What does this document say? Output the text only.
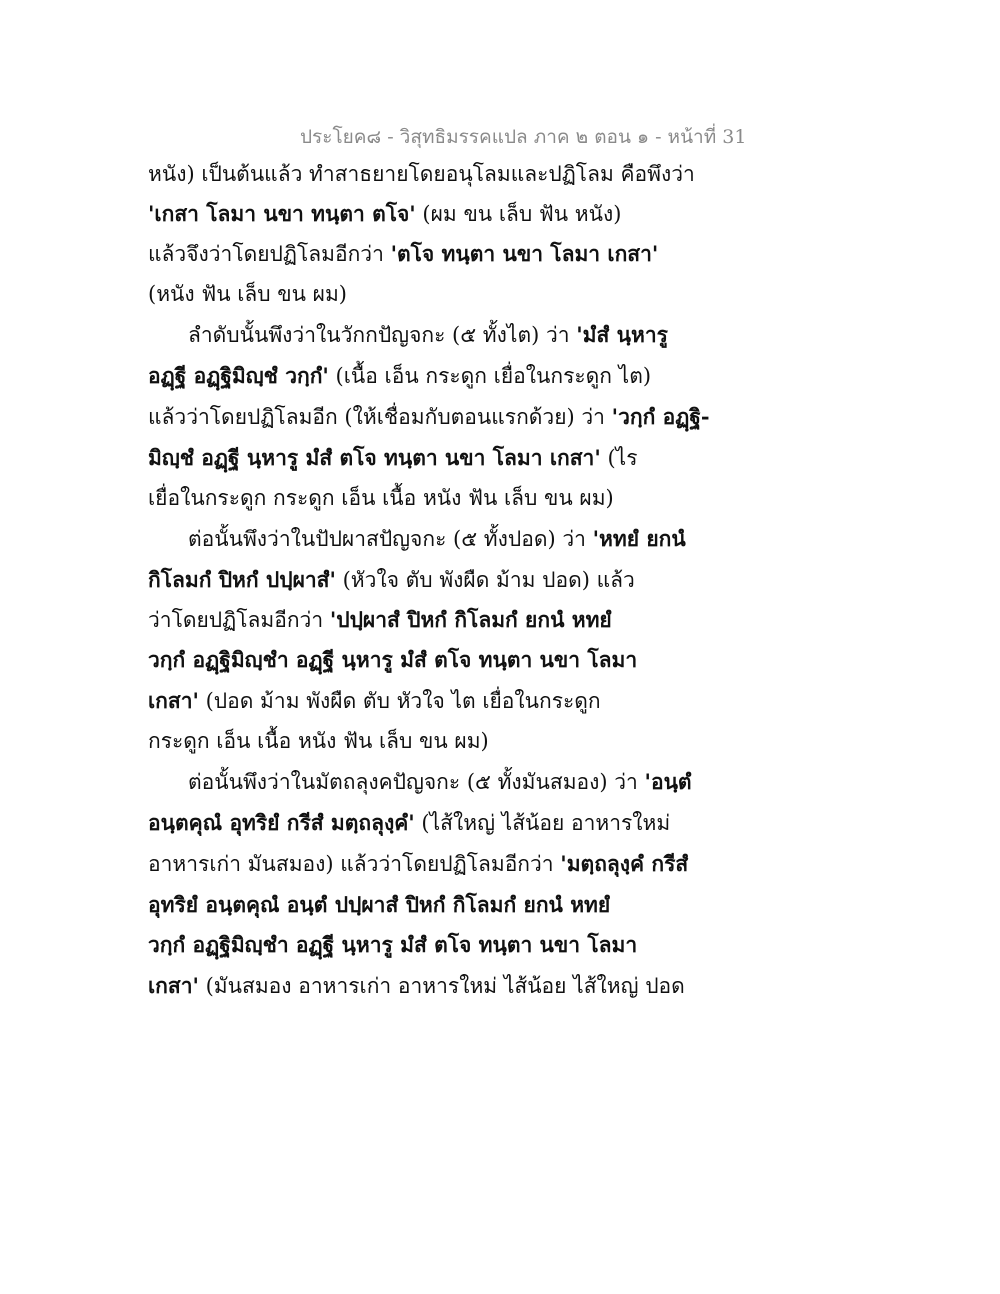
ประโยค๘ - วิสุทธิมรรคแปล ภาค ๒ ตอน ๑ - หน้าที่ 31
หนัง) เป็นต้นแล้ว ทำสาธยายโดยอนุโลมและปฏิโลม คือพึงว่า
'เกสา โลมา นขา ทนฺตา ตโจ' (ผม ขน เล็บ ฟัน หนัง)
แล้วจึงว่าโดยปฏิโลมอีกว่า 'ตโจ ทนฺตา นขา โลมา เกสา'
(หนัง ฟัน เล็บ ขน ผม)
ลำดับนั้นพึงว่าในวักกปัญจกะ (๕ ทั้งไต) ว่า 'มํสํ นฺหารู
อฏฺฐี อฏฺฐิมิญฺชํ วกฺกํ' (เนื้อ เอ็น กระดูก เยื่อในกระดูก ไต)
แล้วว่าโดยปฏิโลมอีก (ให้เชื่อมกับตอนแรกด้วย) ว่า 'วกฺกํ อฏฺฐิ-
มิญฺชํ อฏฺฐี นฺหารู มํสํ ตโจ ทนฺตา นขา โลมา เกสา' (ไร
เยื่อในกระดูก กระดูก เอ็น เนื้อ หนัง ฟัน เล็บ ขน ผม)
ต่อนั้นพึงว่าในปัปผาสปัญจกะ (๕ ทั้งปอด) ว่า 'หทยํ ยกนํ
กิโลมกํ ปิหกํ ปปฺผาสํ' (หัวใจ ตับ พังผืด ม้าม ปอด) แล้ว
ว่าโดยปฏิโลมอีกว่า 'ปปฺผาสํ ปิหกํ กิโลมกํ ยกนํ หทยํ
วกฺกํ อฏฺฐิมิญฺชำ อฏฺฐี นฺหารู มํสํ ตโจ ทนฺตา นขา โลมา
เกสา' (ปอด ม้าม พังผืด ตับ หัวใจ ไต เยื่อในกระดูก
กระดูก เอ็น เนื้อ หนัง ฟัน เล็บ ขน ผม)
ต่อนั้นพึงว่าในมัตถลุงคปัญจกะ (๕ ทั้งมันสมอง) ว่า 'อนฺตํ
อนฺตคุณํ อุทริยํ กรีสํ มตฺถลุงฺคํ' (ไส้ใหญ่ ไส้น้อย อาหารใหม่
อาหารเก่า มันสมอง) แล้วว่าโดยปฏิโลมอีกว่า 'มตฺถลุงฺคํ กรีสํ
อุทริยํ อนฺตคุณํ อนฺตํ ปปฺผาสํ ปิหกํ กิโลมกํ ยกนํ หทยํ
วกฺกํ อฏฺฐิมิญฺชำ อฏฺฐี นฺหารู มํสํ ตโจ ทนฺตา นขา โลมา
เกสา' (มันสมอง อาหารเก่า อาหารใหม่ ไส้น้อย ไส้ใหญ่ ปอด
